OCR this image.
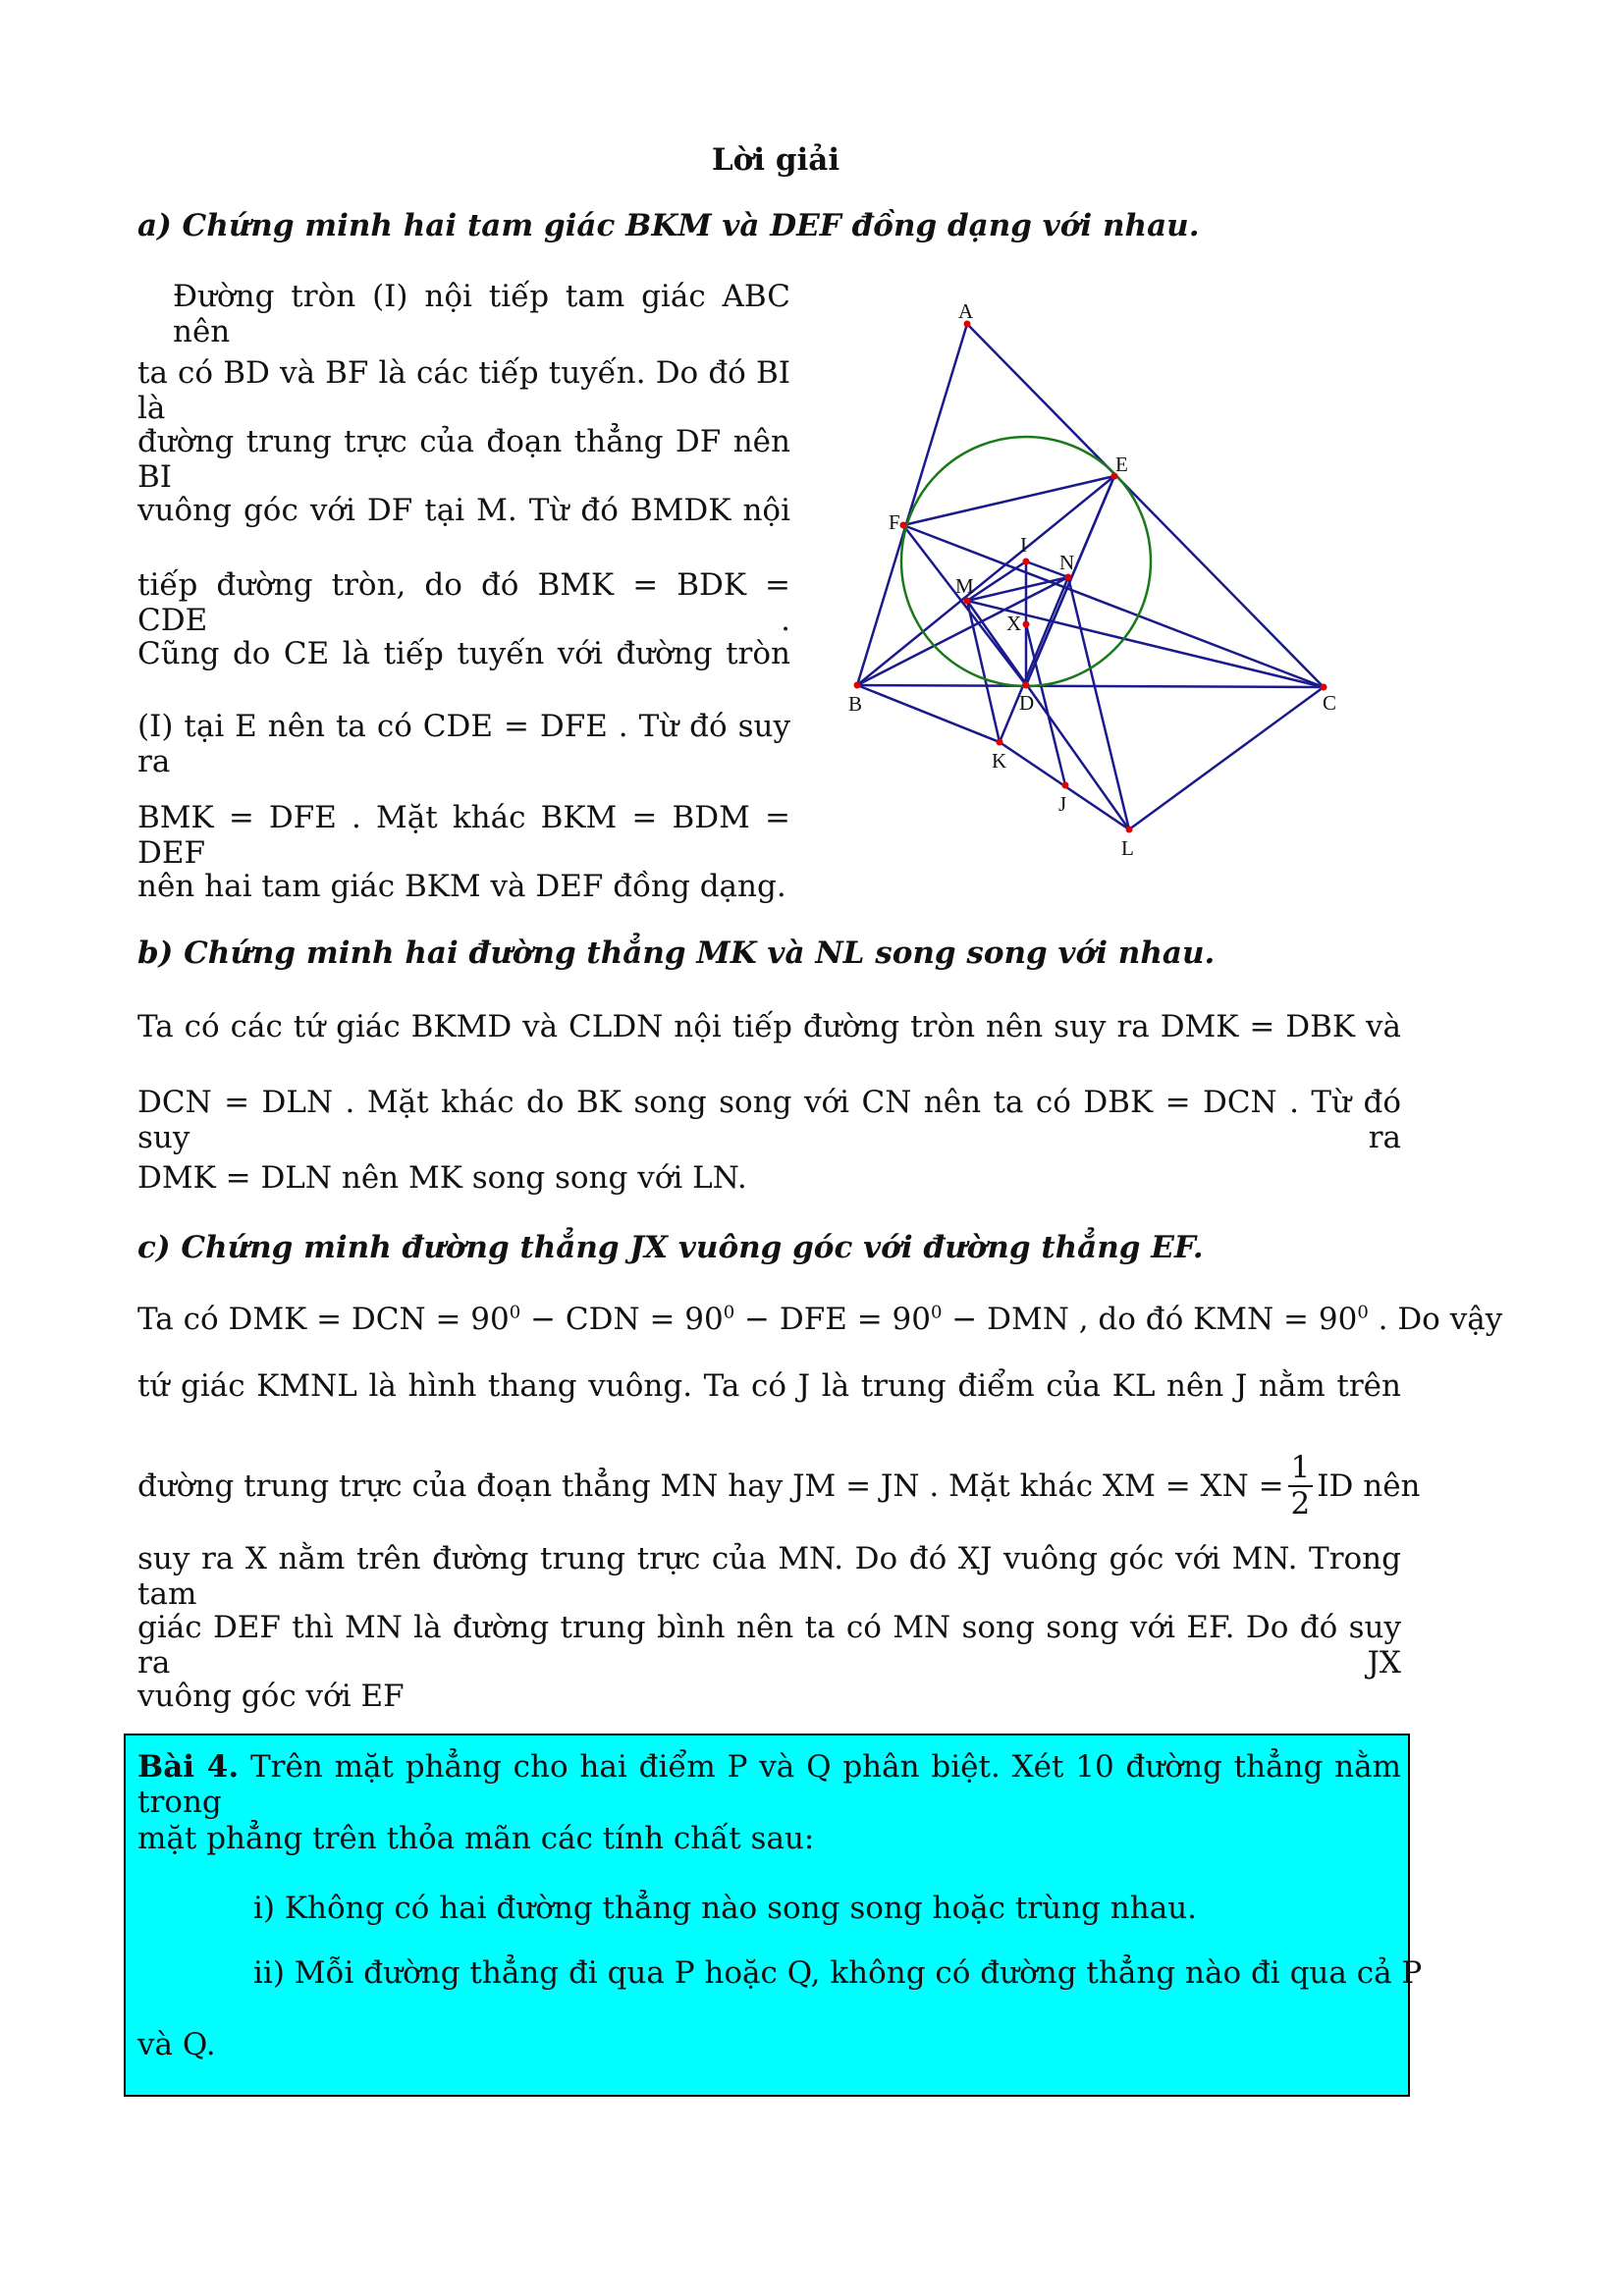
Lời giải
a) Chứng minh hai tam giác BKM và DEF đồng dạng với nhau.
Đường tròn (I) nội tiếp tam giác ABC nên
ta có BD và BF là các tiếp tuyến. Do đó BI là
đường trung trực của đoạn thẳng DF nên BI
vuông góc với DF tại M. Từ đó BMDK nội
tiếp đường tròn, do đó BMK = BDK = CDE .
Cũng do CE là tiếp tuyến với đường tròn
(I) tại E nên ta có CDE = DFE . Từ đó suy ra
BMK = DFE . Mặt khác BKM = BDM = DEF
nên hai tam giác BKM và DEF đồng dạng.
A
B	C
D
E
F
I
M
N
X
K
J
L
b) Chứng minh hai đường thẳng MK và NL song song với nhau.
Ta có các tứ giác BKMD và CLDN nội tiếp đường tròn nên suy ra DMK = DBK và
DCN = DLN . Mặt khác do BK song song với CN nên ta có DBK = DCN . Từ đó suy ra
DMK = DLN nên MK song song với LN.
c) Chứng minh đường thẳng JX vuông góc với đường thẳng EF.
Ta có DMK = DCN = $90^0$ − CDN = $90^0$ − DFE = $90^0$ − DMN , do đó KMN = $90^0$ . Do vậy
tứ giác KMNL là hình thang vuông. Ta có J là trung điểm của KL nên J nằm trên
đường trung trực của đoạn thẳng MN hay JM = JN . Mặt khác XM = XN = $\frac{1}{2}$ ID nên
suy ra X nằm trên đường trung trực của MN. Do đó XJ vuông góc với MN. Trong tam
giác DEF thì MN là đường trung bình nên ta có MN song song với EF. Do đó suy ra JX
vuông góc với EF
Bài 4. Trên mặt phẳng cho hai điểm P và Q phân biệt. Xét 10 đường thẳng nằm trong
mặt phẳng trên thỏa mãn các tính chất sau:
i) Không có hai đường thẳng nào song song hoặc trùng nhau.
ii) Mỗi đường thẳng đi qua P hoặc Q, không có đường thẳng nào đi qua cả P
và Q.
